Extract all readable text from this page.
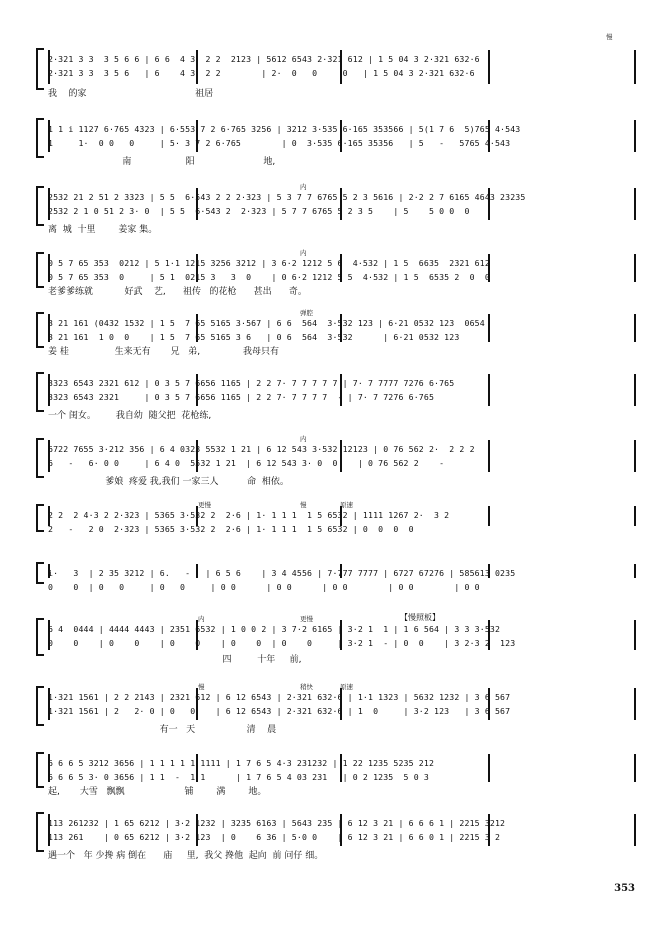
2·321 3 3  3 5 6 6 | 6 6  4 3  2 2  2123 | 5612 6543 2·321 612 | 1 5 04 3 2·321 632·6
2·321 3 3  3 5 6   | 6    4 3  2 2        | 2·  0   0     0   | 1 5 04 3 2·321 632·6
我    的家                                      祖居
1 1 i 1127 6·765 4323 | 6·553 7 2 6·765 3256 | 3212 3·535 6·165 353566 | 5(1 7 6  5)765 4·543
1     1·  0 0   0     | 5· 3 7 2 6·765        | 0  3·535 6·165 35356   | 5   -   5765 4·543
南                   阳                        地,
2532 21 2 51 2 3323 | 5 5  6·543 2 2 2·323 | 5 3 7 7 6765 5 2 3 5616 | 2·2 2 7 6165 4643 23235
2532 2 1 0 51 2 3· 0  | 5 5  6·543 2  2·323 | 5 7 7 6765 5 2 3 5    | 5    5 0 0  0
离  城  十里        姜家 集。
内
0 5 7 65 353  0212 | 5 1·1 1215 3256 3212 | 3 6·2 1212 5 6  4·532 | 1 5  6635  2321 612
0 5 7 65 353  0     | 5 1  0215 3   3  0    | 0 6·2 1212 5 5  4·532 | 1 5  6535 2  0  0
老爹爹练就           好武    艺,      祖传   的花枪      甚出      奇。
内
3 21 161 (0432 1532 | 1 5  7 65 5165 3·567 | 6 6  564  3·532 123 | 6·21 0532 123  0654
3 21 161  1 0  0    | 1 5  7 65 5165 3 6   | 0 6  564  3·532      | 6·21 0532 123
姜 桂                生来无有       兄   弟,               我母只有
弹腔
3323 6543 2321 612 | 0 3 5 7 6656 1165 | 2 2 7· 7 7 7 7 7 | 7· 7 7777 7276 6·765
3323 6543 2321     | 0 3 5 7 6656 1165 | 2 2 7· 7 7 7 7  - | 7· 7 7276 6·765
一个 闺女。       我自幼  随父把  花枪练,
6722 7655 3·212 356 | 6 4 0323 5532 1 21 | 6 12 543 3·532 12123 | 0 76 562 2·  2 2 2
6   -   6· 0 0     | 6 4 0  5532 1 21  | 6 12 543 3· 0  0    | 0 76 562 2    -
爹娘  疼爱 我,我们 一家三人          命  相依。
内
2 2  2 4·3 2 2·323 | 5365 3·532 2  2·6 | 1· 1 1 1  1 5 6532 | 1111 1267 2·  3 2
2   -   2 0  2·323 | 5365 3·532 2  2·6 | 1· 1 1 1  1 5 6532 | 0  0  0  0
慢
更慢	原速
i·   3  | 2 35 3212 | 6.   -   | 6 5 6    | 3 4 4556 | 7·777 7777 | 6727 67276 | 585613 0235
0    0  | 0   0     | 0   0     | 0 0      | 0 0      | 0 0        | 0 0        | 0 0
6 4  0444 | 4444 4443 | 2351 6532 | 1 0 0 2 | 3 7·2 6165 | 3·2 1  1 | 1 6 564 | 3 3 3·532
0    0    | 0    0    | 0    0    | 0    0  | 0    0     | 3·2 1  - | 0  0    | 3 2·3 2  123
四         十年     前,
更慢
内	【慢照板】
1·321 1561 | 2 2 2143 | 2321 612 | 6 12 6543 | 2·321 632·6 | 1·1 1323 | 5632 1232 | 3 6 567
1·321 1561 | 2   2· 0 | 0   0    | 6 12 6543 | 2·321 632·6 | 1  0     | 3·2 123   | 3 6 567
有一   天                  清    晨
稍快
慢	原速
6 6 6 5 3212 3656 | 1 1 1 1 1 1111 | 1 7 6 5 4·3 231232 | 1 22 1235 5235 212
6 6 6 5 3· 0 3656 | 1 1  -  1 1      | 1 7 6 5 4 03 231   | 0 2 1235  5 0 3
起,       大雪   飘飘                     铺        满        地。
113 261232 | 1 65 6212 | 3·2 1232 | 3235 6163 | 5643 235 | 6 12 3 21 | 6 6 6 1 | 2215 3212
113 261    | 0 65 6212 | 3·2 123  | 0    6 36 | 5·0 0    | 6 12 3 21 | 6 6 0 1 | 2215 3 2
遇一个   年 少搀 病 倒在      庙     里,  我父 搀他  起向  前 问仔 细。
慢
353
